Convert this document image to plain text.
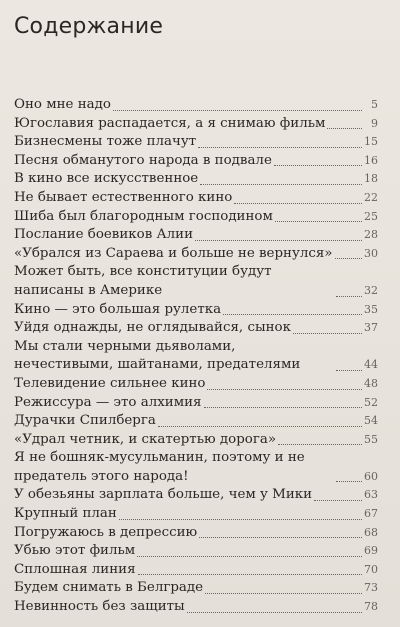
Содержание
Оно мне надо	5
Югославия распадается, а я снимаю фильм	9
Бизнесмены тоже плачут	15
Песня обманутого народа в подвале	16
В кино все искусственное	18
Не бывает естественного кино	22
Шиба был благородным господином	25
Послание боевиков Алии	28
«Убрался из Сараева и больше не вернулся»	30
Может быть, все конституции будут написаны в Америке	32
Кино — это большая рулетка	35
Уйдя однажды, не оглядывайся, сынок	37
Мы стали черными дьяволами, нечестивыми, шайтанами, предателями	44
Телевидение сильнее кино	48
Режиссура — это алхимия	52
Дурачки Спилберга	54
«Удрал четник, и скатертью дорога»	55
Я не бошняк-мусульманин, поэтому и не предатель этого народа!	60
У обезьяны зарплата больше, чем у Мики	63
Крупный план	67
Погружаюсь в депрессию	68
Убью этот фильм	69
Сплошная линия	70
Будем снимать в Белграде	73
Невинность без защиты	78
